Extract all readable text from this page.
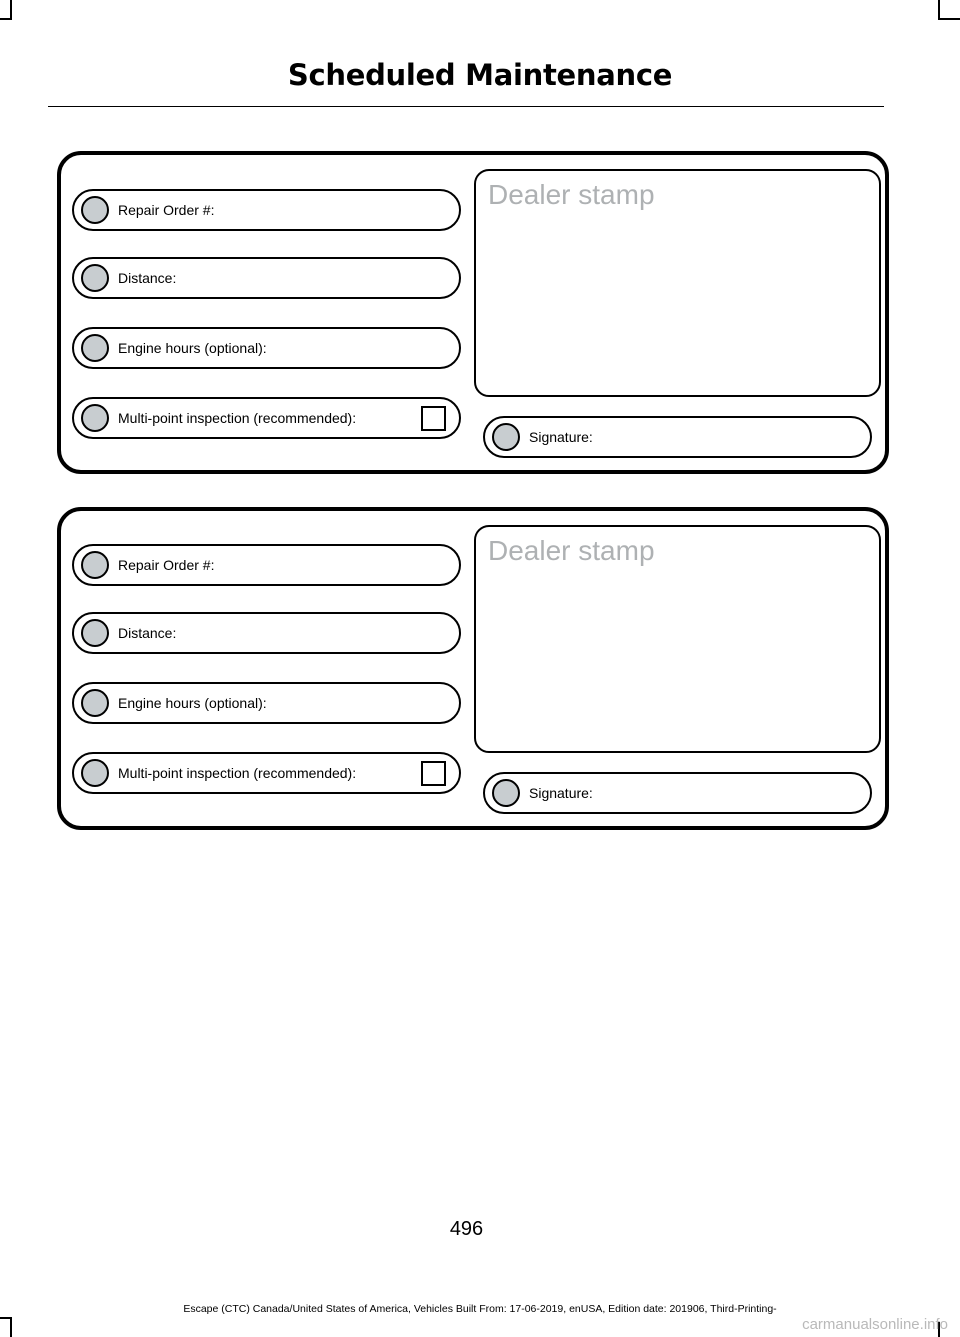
Scheduled Maintenance
Repair Order #:
Distance:
Engine hours (optional):
Multi-point inspection (recommended):
Dealer stamp
Signature:
Repair Order #:
Distance:
Engine hours (optional):
Multi-point inspection (recommended):
Dealer stamp
Signature:
496
Escape (CTC) Canada/United States of America, Vehicles Built From: 17-06-2019, enUSA, Edition date: 201906, Third-Printing-
carmanualsonline.info
